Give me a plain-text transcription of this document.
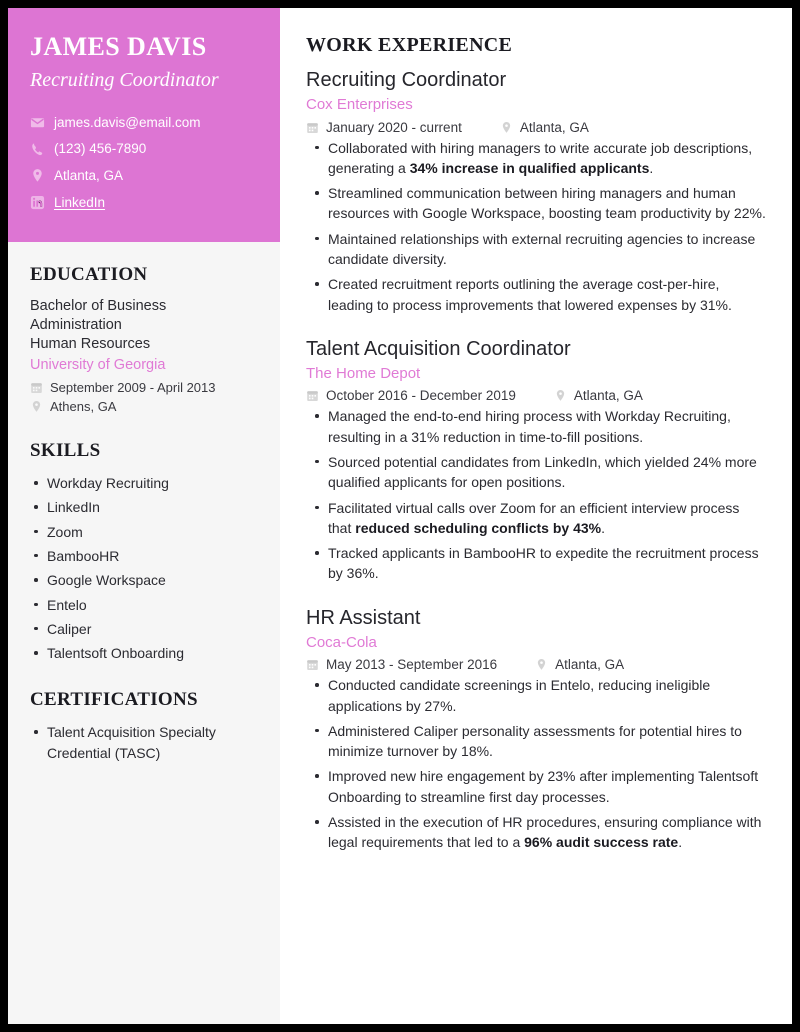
JAMES DAVIS
Recruiting Coordinator
james.davis@email.com
(123) 456-7890
Atlanta, GA
LinkedIn
EDUCATION
Bachelor of Business
Administration
Human Resources
University of Georgia
September 2009 - April 2013
Athens, GA
SKILLS
Workday Recruiting
LinkedIn
Zoom
BambooHR
Google Workspace
Entelo
Caliper
Talentsoft Onboarding
CERTIFICATIONS
Talent Acquisition Specialty Credential (TASC)
WORK EXPERIENCE
Recruiting Coordinator
Cox Enterprises
January 2020 - current	Atlanta, GA
Collaborated with hiring managers to write accurate job descriptions, generating a 34% increase in qualified applicants.
Streamlined communication between hiring managers and human resources with Google Workspace, boosting team productivity by 22%.
Maintained relationships with external recruiting agencies to increase candidate diversity.
Created recruitment reports outlining the average cost-per-hire, leading to process improvements that lowered expenses by 31%.
Talent Acquisition Coordinator
The Home Depot
October 2016 - December 2019	Atlanta, GA
Managed the end-to-end hiring process with Workday Recruiting, resulting in a 31% reduction in time-to-fill positions.
Sourced potential candidates from LinkedIn, which yielded 24% more qualified applicants for open positions.
Facilitated virtual calls over Zoom for an efficient interview process that reduced scheduling conflicts by 43%.
Tracked applicants in BambooHR to expedite the recruitment process by 36%.
HR Assistant
Coca-Cola
May 2013 - September 2016	Atlanta, GA
Conducted candidate screenings in Entelo, reducing ineligible applications by 27%.
Administered Caliper personality assessments for potential hires to minimize turnover by 18%.
Improved new hire engagement by 23% after implementing Talentsoft Onboarding to streamline first day processes.
Assisted in the execution of HR procedures, ensuring compliance with legal requirements that led to a 96% audit success rate.
